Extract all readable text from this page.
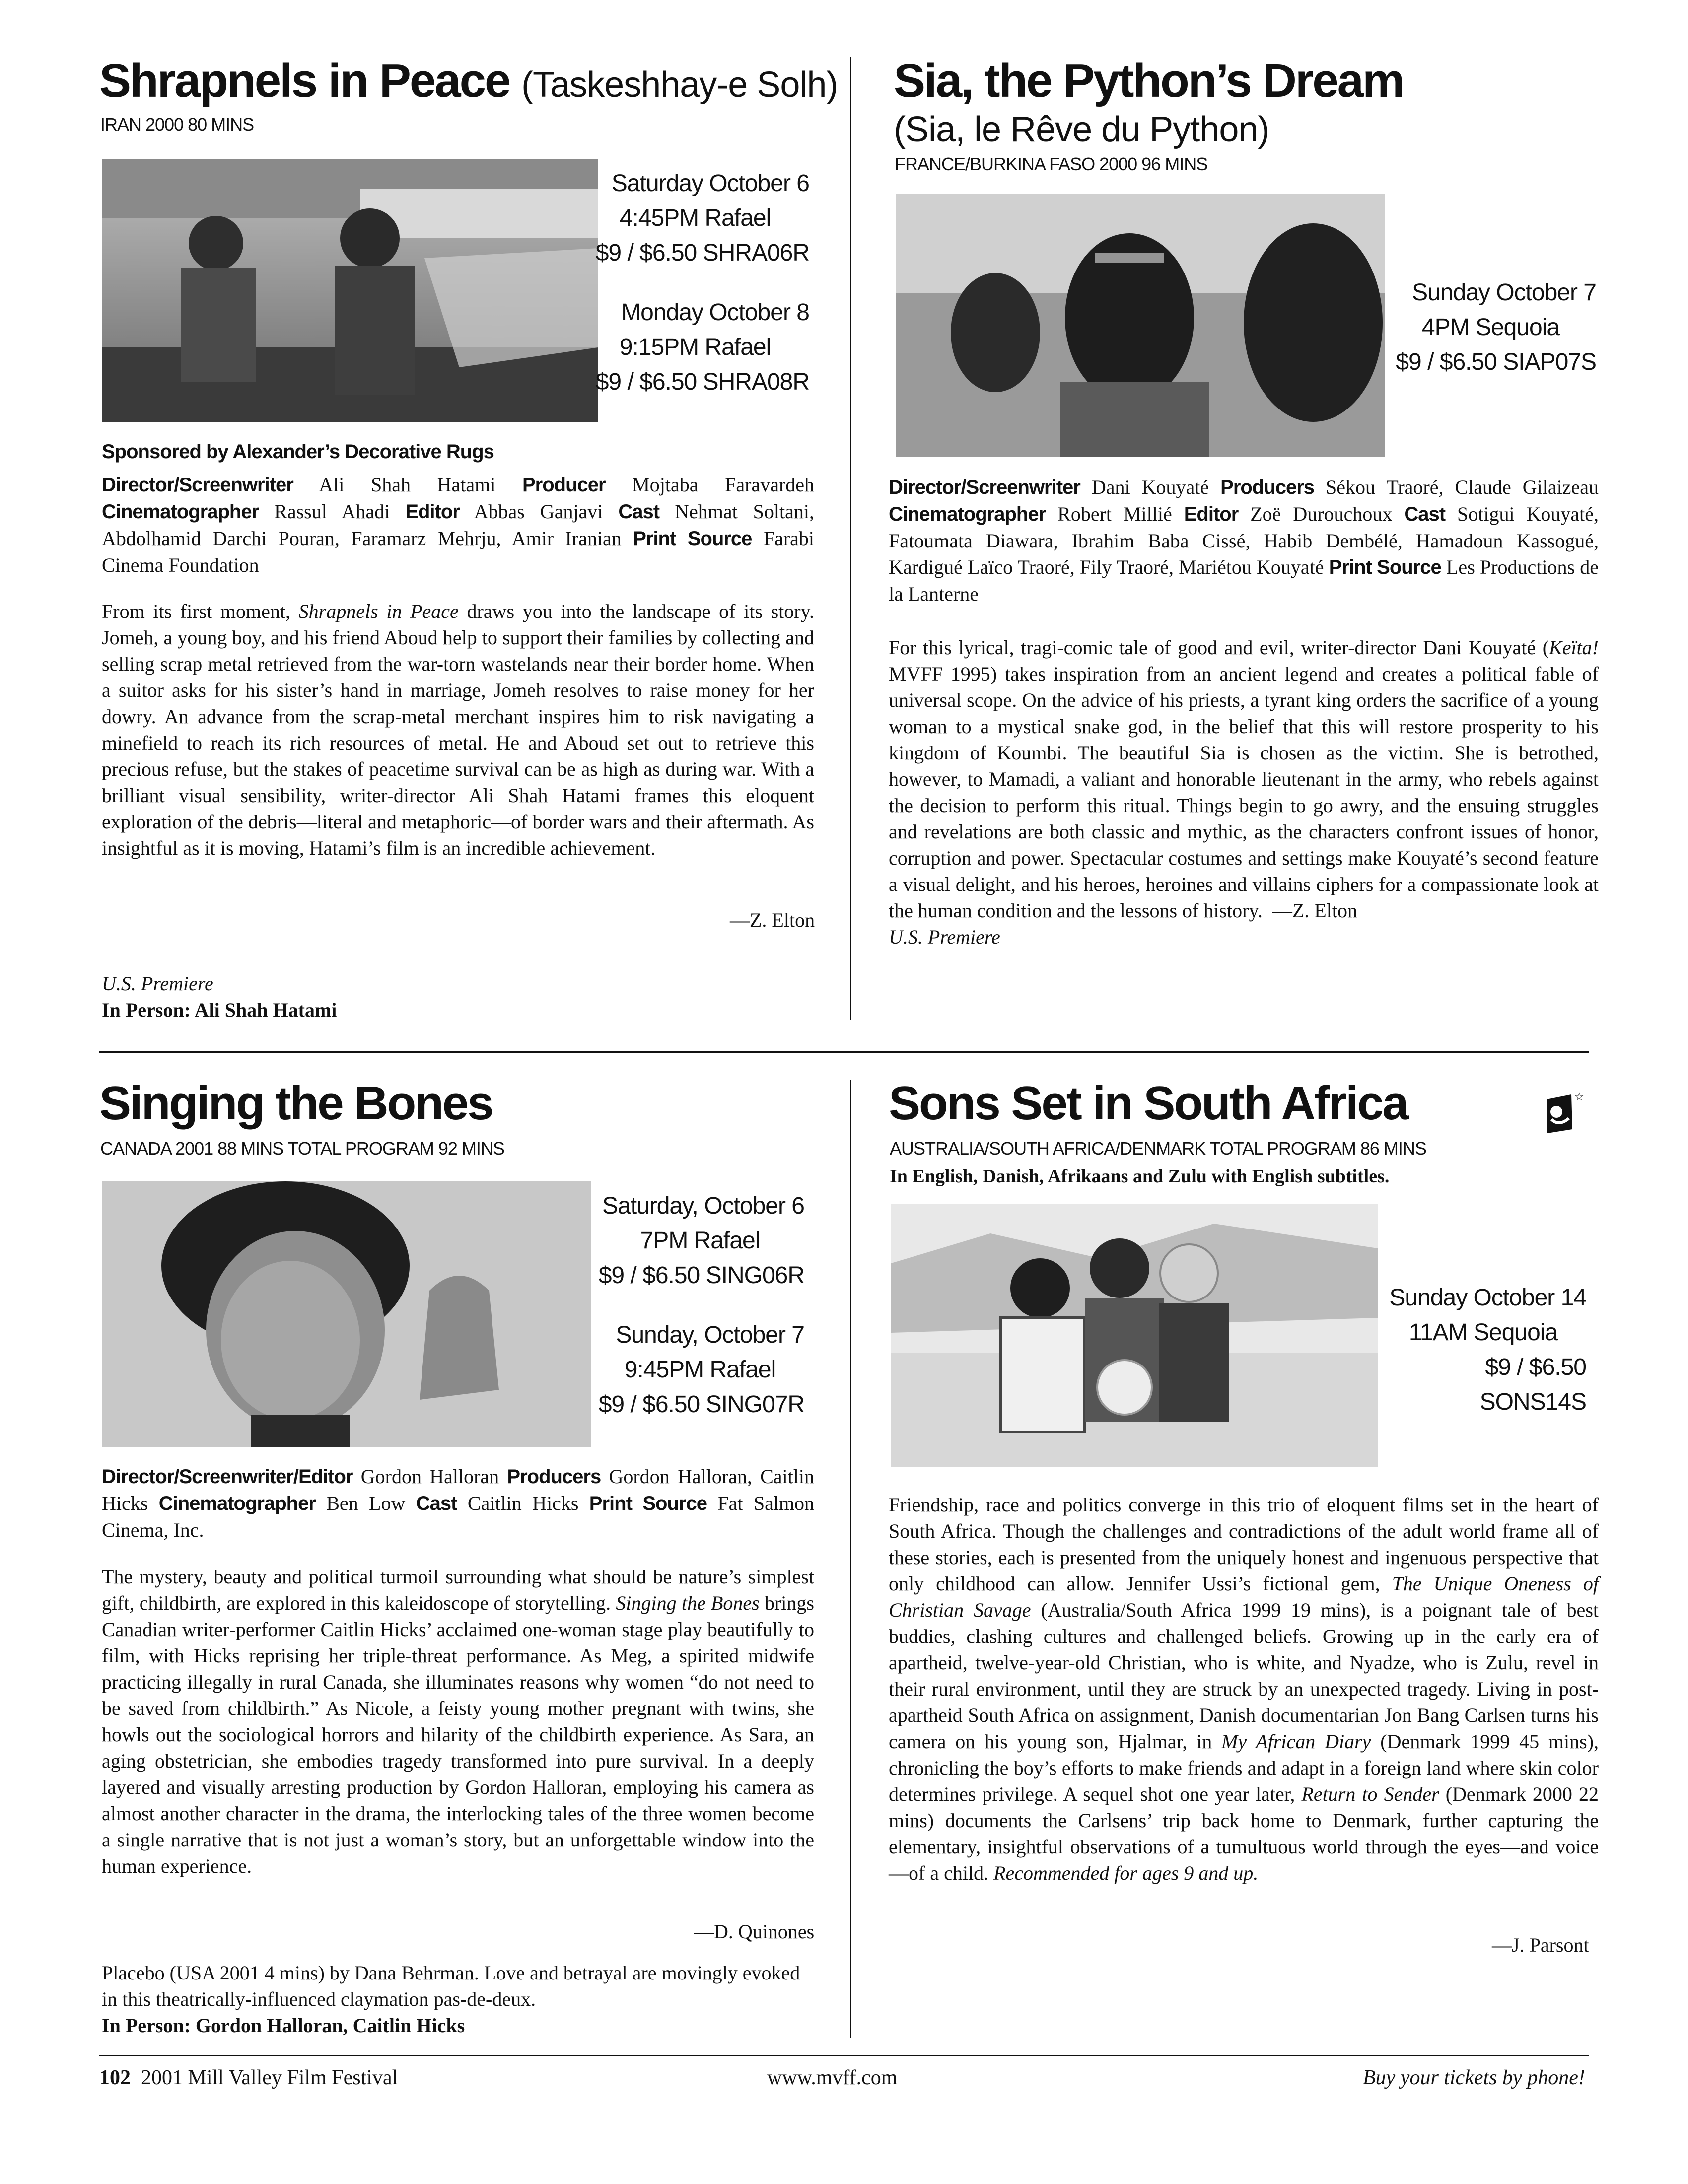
Shrapnels in Peace (Taskeshhay-e Solh)
IRAN 2000 80 MINS
Saturday October 6
4:45PM Rafael
$9 / $6.50 SHRA06R
Monday October 8
9:15PM Rafael
$9 / $6.50 SHRA08R
Sponsored by Alexander’s Decorative Rugs
Director/Screenwriter Ali Shah Hatami Producer Mojtaba Faravardeh Cinematographer Rassul Ahadi Editor Abbas Ganjavi Cast Nehmat Soltani, Abdolhamid Darchi Pouran, Faramarz Mehrju, Amir Iranian Print Source Farabi Cinema Foundation
From its first moment, Shrapnels in Peace draws you into the landscape of its story. Jomeh, a young boy, and his friend Aboud help to support their families by collecting and selling scrap metal retrieved from the war-torn wastelands near their border home. When a suitor asks for his sister’s hand in marriage, Jomeh resolves to raise money for her dowry. An advance from the scrap-metal merchant inspires him to risk navigating a minefield to reach its rich resources of metal. He and Aboud set out to retrieve this precious refuse, but the stakes of peacetime survival can be as high as during war. With a brilliant visual sensibility, writer-director Ali Shah Hatami frames this eloquent exploration of the debris—literal and metaphoric—of border wars and their aftermath. As insightful as it is moving, Hatami’s film is an incredible achievement.
—Z. Elton
U.S. Premiere
In Person: Ali Shah Hatami
Sia, the Python’s Dream
(Sia, le Rêve du Python)
FRANCE/BURKINA FASO 2000 96 MINS
Sunday October 7
4PM Sequoia
$9 / $6.50 SIAP07S
Director/Screenwriter Dani Kouyaté Producers Sékou Traoré, Claude Gilaizeau Cinematographer Robert Millié Editor Zoë Durouchoux Cast Sotigui Kouyaté, Fatoumata Diawara, Ibrahim Baba Cissé, Habib Dembélé, Hamadoun Kassogué, Kardigué Laïco Traoré, Fily Traoré, Mariétou Kouyaté Print Source Les Productions de la Lanterne
For this lyrical, tragi-comic tale of good and evil, writer-director Dani Kouyaté (Keïta! MVFF 1995) takes inspiration from an ancient legend and creates a political fable of universal scope. On the advice of his priests, a tyrant king orders the sacrifice of a young woman to a mystical snake god, in the belief that this will restore prosperity to his kingdom of Koumbi. The beautiful Sia is chosen as the victim. She is betrothed, however, to Mamadi, a valiant and honorable lieutenant in the army, who rebels against the decision to perform this ritual. Things begin to go awry, and the ensuing struggles and revelations are both classic and mythic, as the characters confront issues of honor, corruption and power. Spectacular costumes and settings make Kouyaté’s second feature a visual delight, and his heroes, heroines and villains ciphers for a compassionate look at the human condition and the lessons of history. —Z. Elton
U.S. Premiere
Singing the Bones
CANADA 2001 88 MINS TOTAL PROGRAM 92 MINS
Saturday, October 6
7PM Rafael
$9 / $6.50 SING06R
Sunday, October 7
9:45PM Rafael
$9 / $6.50 SING07R
Director/Screenwriter/Editor Gordon Halloran Producers Gordon Halloran, Caitlin Hicks Cinematographer Ben Low Cast Caitlin Hicks Print Source Fat Salmon Cinema, Inc.
The mystery, beauty and political turmoil surrounding what should be nature’s simplest gift, childbirth, are explored in this kaleidoscope of storytelling. Singing the Bones brings Canadian writer-performer Caitlin Hicks’ acclaimed one-woman stage play beautifully to film, with Hicks reprising her triple-threat performance. As Meg, a spirited midwife practicing illegally in rural Canada, she illuminates reasons why women “do not need to be saved from childbirth.” As Nicole, a feisty young mother pregnant with twins, she howls out the sociological horrors and hilarity of the childbirth experience. As Sara, an aging obstetrician, she embodies tragedy transformed into pure survival. In a deeply layered and visually arresting production by Gordon Halloran, employing his camera as almost another character in the drama, the interlocking tales of the three women become a single narrative that is not just a woman’s story, but an unforgettable window into the human experience.
—D. Quinones
Placebo (USA 2001 4 mins) by Dana Behrman. Love and betrayal are movingly evoked in this theatrically-influenced claymation pas-de-deux.
In Person: Gordon Halloran, Caitlin Hicks
Sons Set in South Africa	☆
AUSTRALIA/SOUTH AFRICA/DENMARK TOTAL PROGRAM 86 MINS
In English, Danish, Afrikaans and Zulu with English subtitles.
Sunday October 14
11AM Sequoia
$9 / $6.50 SONS14S
Friendship, race and politics converge in this trio of eloquent films set in the heart of South Africa. Though the challenges and contradictions of the adult world frame all of these stories, each is presented from the uniquely honest and ingenuous perspective that only childhood can allow. Jennifer Ussi’s fictional gem, The Unique Oneness of Christian Savage (Australia/South Africa 1999 19 mins), is a poignant tale of best buddies, clashing cultures and challenged beliefs. Growing up in the early era of apartheid, twelve-year-old Christian, who is white, and Nyadze, who is Zulu, revel in their rural environment, until they are struck by an unexpected tragedy. Living in post-apartheid South Africa on assignment, Danish documentarian Jon Bang Carlsen turns his camera on his young son, Hjalmar, in My African Diary (Denmark 1999 45 mins), chronicling the boy’s efforts to make friends and adapt in a foreign land where skin color determines privilege. A sequel shot one year later, Return to Sender (Denmark 2000 22 mins) documents the Carlsens’ trip back home to Denmark, further capturing the elementary, insightful observations of a tumultuous world through the eyes—and voice—of a child. Recommended for ages 9 and up.
—J. Parsont
102 2001 Mill Valley Film Festival	www.mvff.com	Buy your tickets by phone!
